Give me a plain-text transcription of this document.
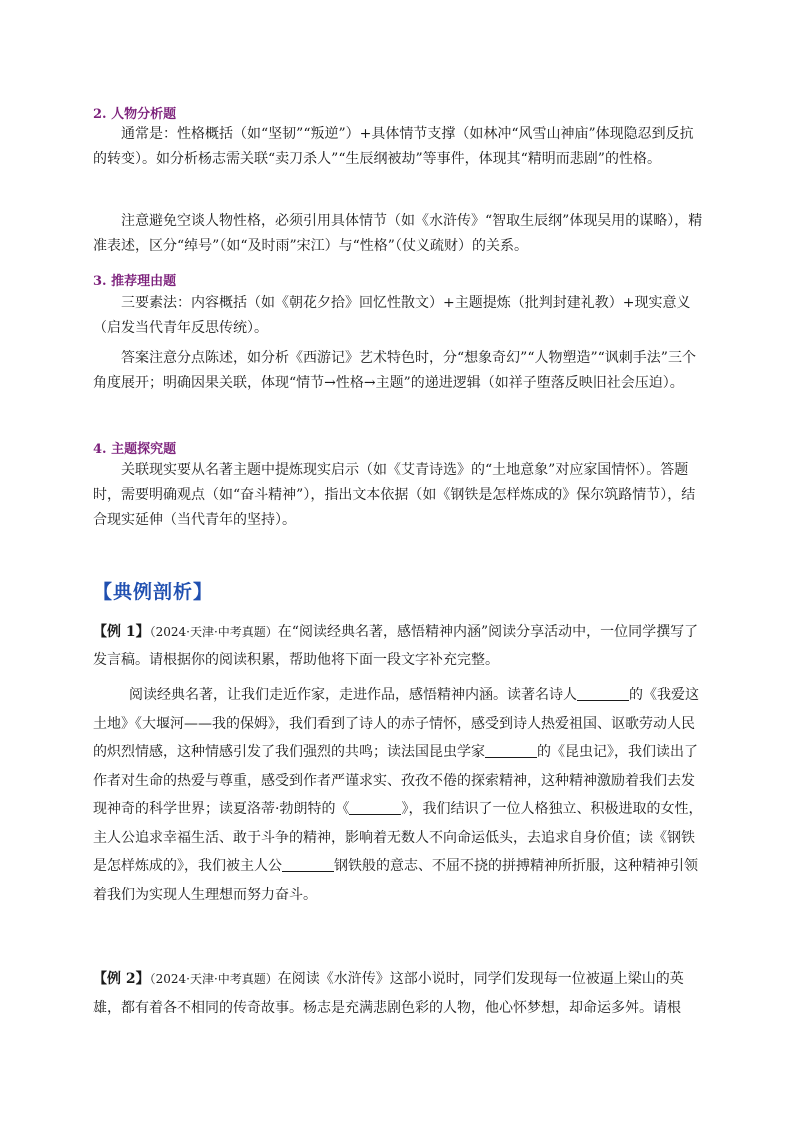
2. 人物分析题

通常是：性格概括（如“坚韧”“叛逆”）+具体情节支撑（如林冲“风雪山神庙”体现隐忍到反抗的转变）。如分析杨志需关联“卖刀杀人”“生辰纲被劫”等事件，体现其“精明而悲剧”的性格。

注意避免空谈人物性格，必须引用具体情节（如《水浒传》“智取生辰纲”体现吴用的谋略），精准表述，区分“绰号”（如“及时雨”宋江）与“性格”（仗义疏财）的关系。

3. 推荐理由题

三要素法：内容概括（如《朝花夕拾》回忆性散文）+主题提炼（批判封建礼教）+现实意义（启发当代青年反思传统）。

答案注意分点陈述，如分析《西游记》艺术特色时，分“想象奇幻”“人物塑造”“讽刺手法”三个角度展开；明确因果关联，体现“情节→性格→主题”的递进逻辑（如祥子堕落反映旧社会压迫）。

4. 主题探究题

关联现实要从名著主题中提炼现实启示（如《艾青诗选》的“土地意象”对应家国情怀）。答题时，需要明确观点（如“奋斗精神”），指出文本依据（如《钢铁是怎样炼成的》保尔筑路情节），结合现实延伸（当代青年的坚持）。

【典例剖析】

【例 1】（2024·天津·中考真题）在“阅读经典名著，感悟精神内涵”阅读分享活动中，一位同学撰写了发言稿。请根据你的阅读积累，帮助他将下面一段文字补充完整。

阅读经典名著，让我们走近作家，走进作品，感悟精神内涵。读著名诗人	的《我爱这土地》《大堰河——我的保姆》，我们看到了诗人的赤子情怀，感受到诗人热爱祖国、讴歌劳动人民的炽烈情感，这种情感引发了我们强烈的共鸣；读法国昆虫学家	的《昆虫记》，我们读出了作者对生命的热爱与尊重，感受到作者严谨求实、孜孜不倦的探索精神，这种精神激励着我们去发现神奇的科学世界；读夏洛蒂·勃朗特的《	》，我们结识了一位人格独立、积极进取的女性，主人公追求幸福生活、敢于斗争的精神，影响着无数人不向命运低头，去追求自身价值；读《钢铁是怎样炼成的》，我们被主人公	钢铁般的意志、不屈不挠的拼搏精神所折服，这种精神引领着我们为实现人生理想而努力奋斗。

【例 2】（2024·天津·中考真题）在阅读《水浒传》这部小说时，同学们发现每一位被逼上梁山的英雄，都有着各不相同的传奇故事。杨志是充满悲剧色彩的人物，他心怀梦想，却命运多舛。请根
